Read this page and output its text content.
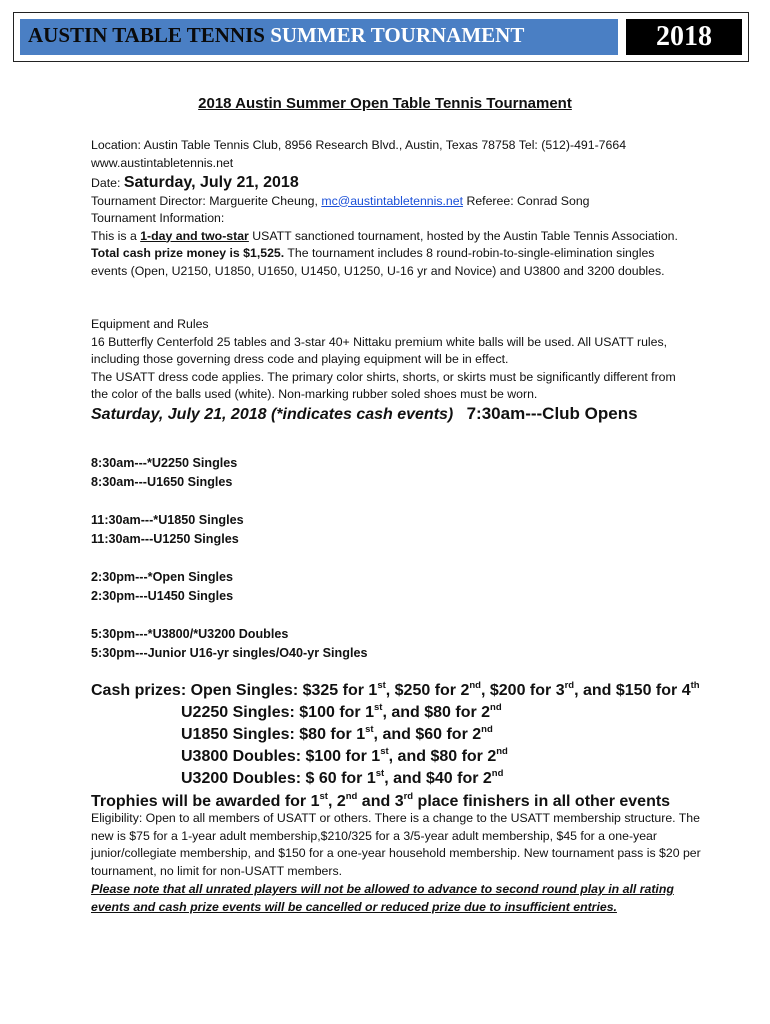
AUSTIN TABLE TENNIS SUMMER TOURNAMENT	2018
2018 Austin Summer Open Table Tennis Tournament
Location: Austin Table Tennis Club, 8956 Research Blvd., Austin, Texas 78758 Tel: (512)-491-7664
www.austintabletennis.net
Date: Saturday, July 21, 2018
Tournament Director: Marguerite Cheung, mc@austintabletennis.net Referee: Conrad Song
Tournament Information:
This is a 1-day and two-star USATT sanctioned tournament, hosted by the Austin Table Tennis Association. Total cash prize money is $1,525. The tournament includes 8 round-robin-to-single-elimination singles events (Open, U2150, U1850, U1650, U1450, U1250, U-16 yr and Novice) and U3800 and 3200 doubles.
Equipment and Rules
16 Butterfly Centerfold 25 tables and 3-star 40+ Nittaku premium white balls will be used. All USATT rules, including those governing dress code and playing equipment will be in effect.
The USATT dress code applies. The primary color shirts, shorts, or skirts must be significantly different from the color of the balls used (white). Non-marking rubber soled shoes must be worn.
Saturday, July 21, 2018 (*indicates cash events) 7:30am---Club Opens
8:30am---*U2250 Singles
8:30am---U1650 Singles
11:30am---*U1850 Singles
11:30am---U1250 Singles
2:30pm---*Open Singles
2:30pm---U1450 Singles
5:30pm---*U3800/*U3200 Doubles
5:30pm---Junior U16-yr singles/O40-yr Singles
Cash prizes: Open Singles: $325 for 1st, $250 for 2nd, $200 for 3rd, and $150 for 4th
U2250 Singles: $100 for 1st, and $80 for 2nd
U1850 Singles: $80 for 1st, and $60 for 2nd
U3800 Doubles: $100 for 1st, and $80 for 2nd
U3200 Doubles: $ 60 for 1st, and $40 for 2nd
Trophies will be awarded for 1st, 2nd and 3rd place finishers in all other events
Eligibility: Open to all members of USATT or others. There is a change to the USATT membership structure. The new is $75 for a 1-year adult membership,$210/325 for a 3/5-year adult membership, $45 for a one-year junior/collegiate membership, and $150 for a one-year household membership. New tournament pass is $20 per tournament, no limit for non-USATT members.
Please note that all unrated players will not be allowed to advance to second round play in all rating events and cash prize events will be cancelled or reduced prize due to insufficient entries.
